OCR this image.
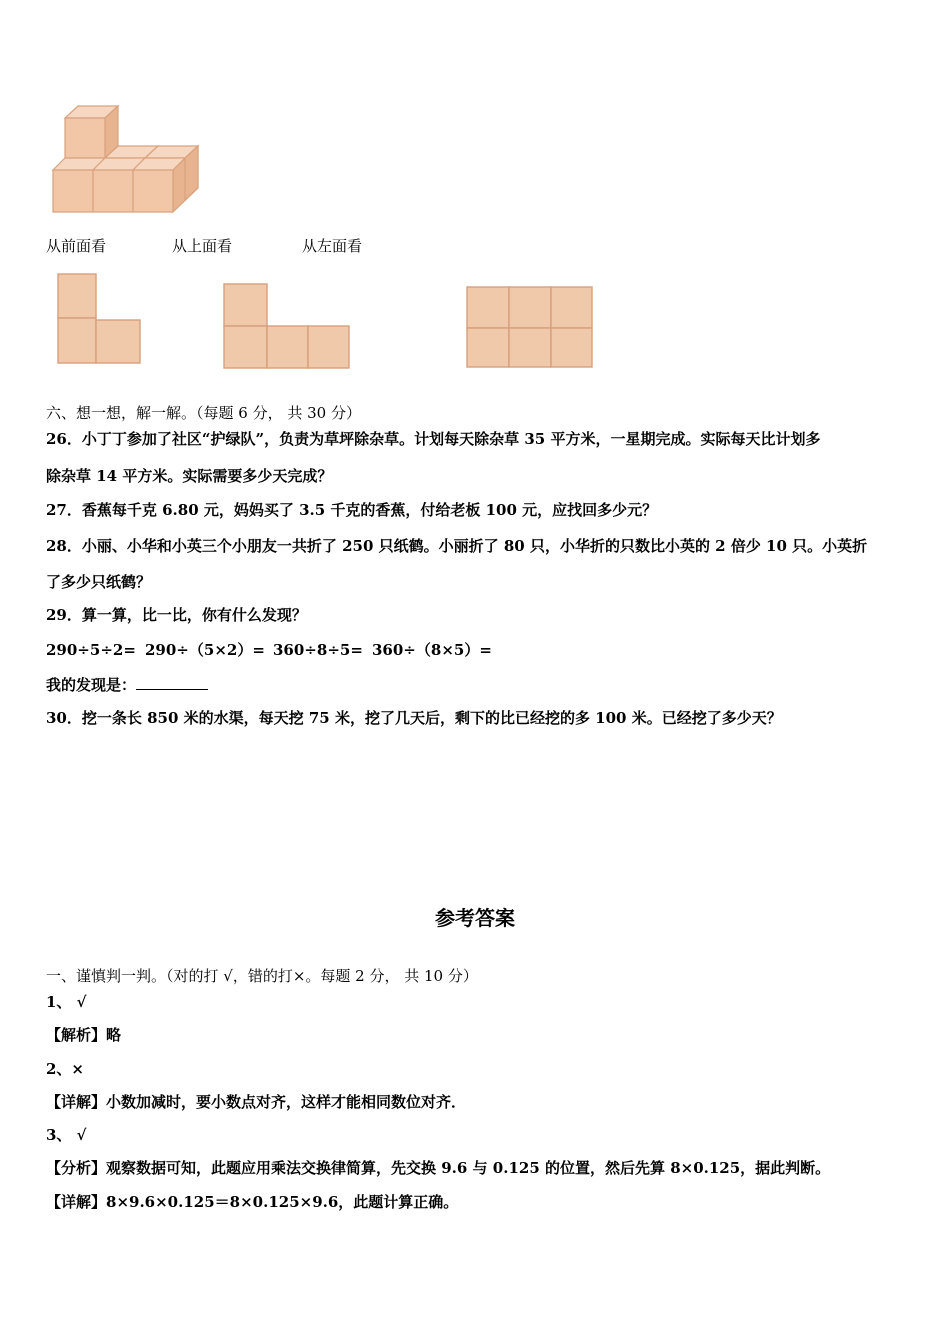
从前面看	从上面看	从左面看
六、想一想，解一解。（每题 6 分， 共 30 分）
26．小丁丁参加了社区“护绿队”，负责为草坪除杂草。计划每天除杂草 35 平方米，一星期完成。实际每天比计划多
除杂草 14 平方米。实际需要多少天完成？
27．香蕉每千克 6.80 元，妈妈买了 3.5 千克的香蕉，付给老板 100 元，应找回多少元？
28．小丽、小华和小英三个小朋友一共折了 250 只纸鹤。小丽折了 80 只，小华折的只数比小英的 2 倍少 10 只。小英折
了多少只纸鹤？
29．算一算，比一比，你有什么发现？
290÷5÷2= 290÷（5×2）= 360÷8÷5= 360÷（8×5）=
我的发现是：
30．挖一条长 850 米的水渠，每天挖 75 米，挖了几天后，剩下的比已经挖的多 100 米。已经挖了多少天？
参考答案
一、谨慎判一判。（对的打 √，错的打×。每题 2 分， 共 10 分）
1、 √
【解析】略
2、×
【详解】小数加减时，要小数点对齐，这样才能相同数位对齐．
3、 √
【分析】观察数据可知，此题应用乘法交换律简算，先交换 9.6 与 0.125 的位置，然后先算 8×0.125，据此判断。
【详解】8×9.6×0.125＝8×0.125×9.6，此题计算正确。
